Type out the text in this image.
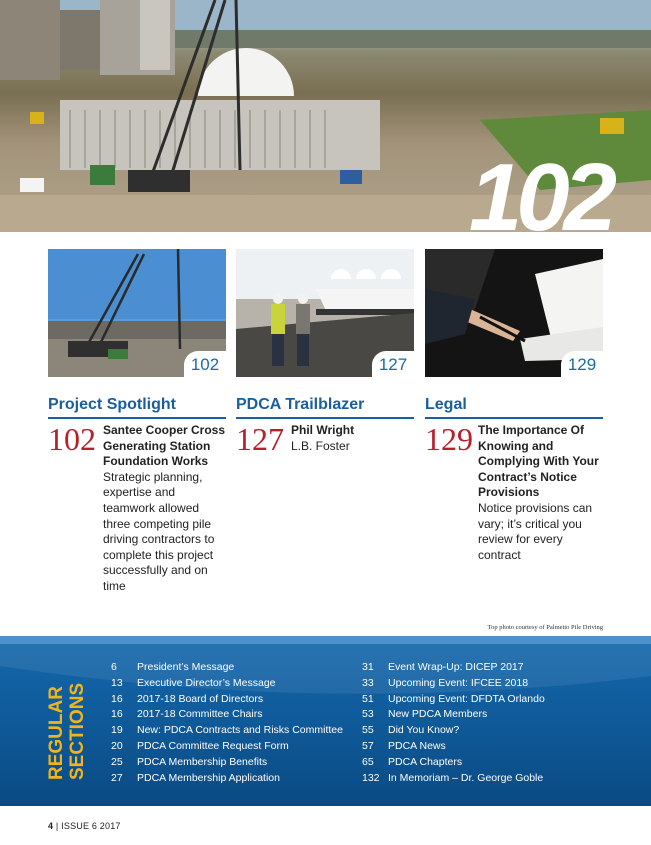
102
102
Project Spotlight
102 Santee Cooper Cross Generating Station Foundation Works
Strategic planning, expertise and teamwork allowed three competing pile driving contractors to complete this project successfully and on time
127
PDCA Trailblazer
127 Phil Wright
L.B. Foster
129
Legal
129 The Importance Of Knowing and Complying With Your Contract’s Notice Provisions
Notice provisions can vary; it’s critical you review for every contract
Top photo courtesy of Palmetto Pile Driving
REGULAR SECTIONS
6	President’s Message
13	Executive Director’s Message
16	2017-18 Board of Directors
16	2017-18 Committee Chairs
19	New: PDCA Contracts and Risks Committee
20	PDCA Committee Request Form
25	PDCA Membership Benefits
27	PDCA Membership Application
31	Event Wrap-Up: DICEP 2017
33	Upcoming Event: IFCEE 2018
51	Upcoming Event: DFDTA Orlando
53	New PDCA Members
55	Did You Know?
57	PDCA News
65	PDCA Chapters
132 In Memoriam – Dr. George Goble
4 | ISSUE 6 2017
